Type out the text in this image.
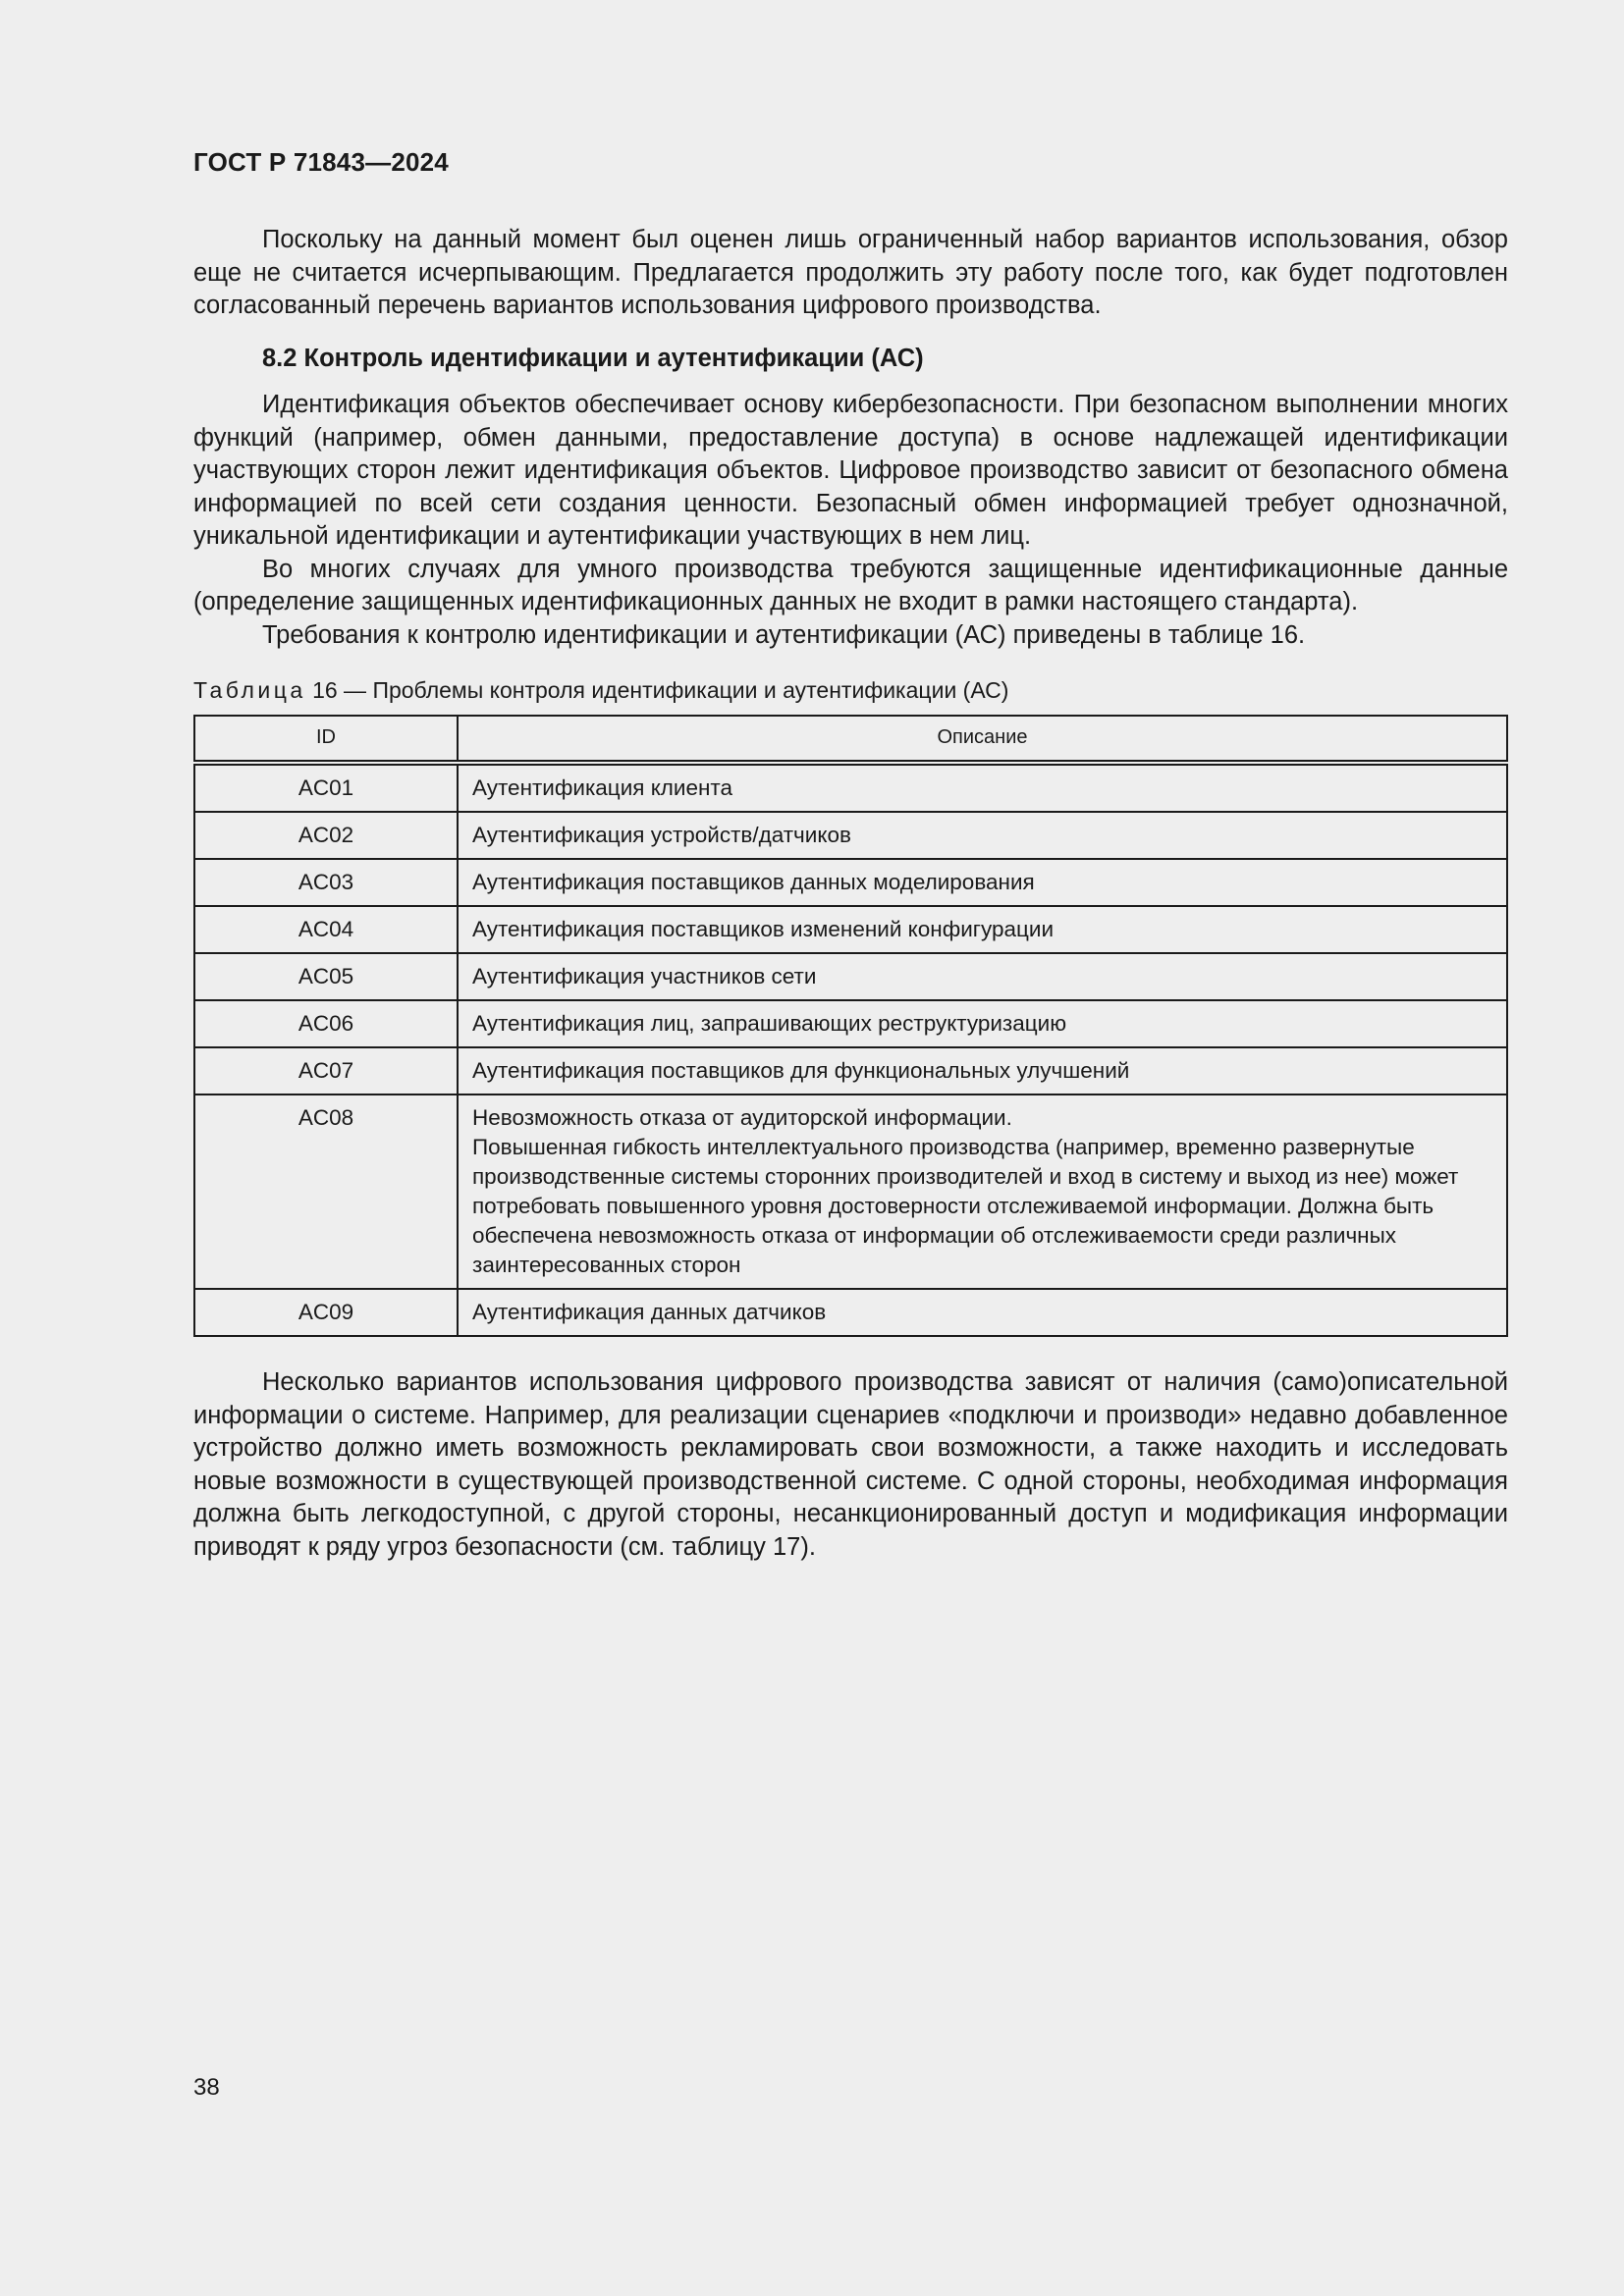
ГОСТ Р 71843—2024

Поскольку на данный момент был оценен лишь ограниченный набор вариантов использования, обзор еще не считается исчерпывающим. Предлагается продолжить эту работу после того, как будет подготовлен согласованный перечень вариантов использования цифрового производства.

8.2 Контроль идентификации и аутентификации (АС)

Идентификация объектов обеспечивает основу кибербезопасности. При безопасном выполнении многих функций (например, обмен данными, предоставление доступа) в основе надлежащей идентификации участвующих сторон лежит идентификация объектов. Цифровое производство зависит от безопасного обмена информацией по всей сети создания ценности. Безопасный обмен информацией требует однозначной, уникальной идентификации и аутентификации участвующих в нем лиц.

Во многих случаях для умного производства требуются защищенные идентификационные данные (определение защищенных идентификационных данных не входит в рамки настоящего стандарта).

Требования к контролю идентификации и аутентификации (АС) приведены в таблице 16.

Таблица 16 — Проблемы контроля идентификации и аутентификации (АС)
ID	Описание
AC01	Аутентификация клиента
AC02	Аутентификация устройств/датчиков
AC03	Аутентификация поставщиков данных моделирования
AC04	Аутентификация поставщиков изменений конфигурации
AC05	Аутентификация участников сети
AC06	Аутентификация лиц, запрашивающих реструктуризацию
AC07	Аутентификация поставщиков для функциональных улучшений
AC08	Невозможность отказа от аудиторской информации.
Повышенная гибкость интеллектуального производства (например, временно развернутые производственные системы сторонних производителей и вход в систему и выход из нее) может потребовать повышенного уровня достоверности отслеживаемой информации. Должна быть обеспечена невозможность отказа от информации об отслеживаемости среди различных заинтересованных сторон

AC09	Аутентификация данных датчиков

Несколько вариантов использования цифрового производства зависят от наличия (само)описательной информации о системе. Например, для реализации сценариев «подключи и производи» недавно добавленное устройство должно иметь возможность рекламировать свои возможности, а также находить и исследовать новые возможности в существующей производственной системе. С одной стороны, необходимая информация должна быть легкодоступной, с другой стороны, несанкционированный доступ и модификация информации приводят к ряду угроз безопасности (см. таблицу 17).

38
